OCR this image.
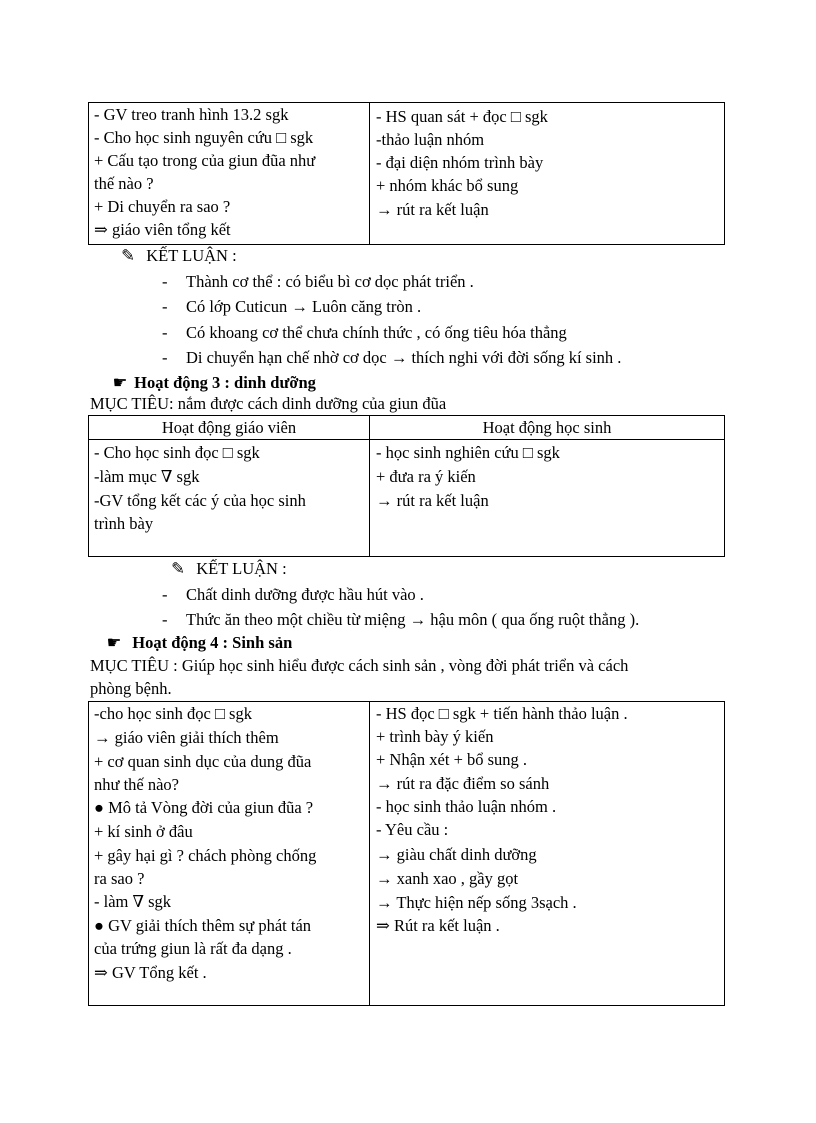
- GV treo tranh hình 13.2 sgk
- Cho học sinh nguyên cứu □ sgk
+ Cấu tạo trong của giun đũa như
thế nào ?
+ Di chuyển ra sao ?
⇒ giáo viên tổng kết
- HS quan sát + đọc □ sgk
-thảo luận nhóm
- đại diện nhóm trình bày
+ nhóm khác bổ sung
→ rút ra kết luận
✎ KẾT LUẬN :
- Thành cơ thể : có biểu bì cơ dọc phát triển .
- Có lớp Cuticun → Luôn căng tròn .
- Có khoang cơ thể chưa chính thức , có ống tiêu hóa thẳng
- Di chuyển hạn chế nhờ cơ dọc → thích nghi với đời sống kí sinh .
☛ Hoạt động 3 : dinh dưỡng
MỤC TIÊU: nắm được cách dinh dưỡng của giun đũa
Hoạt động giáo viên	Hoạt động học sinh
- Cho học sinh đọc □ sgk
-làm mục ∇ sgk
-GV tổng kết các ý của học sinh
trình bày
- học sinh nghiên cứu □ sgk
+ đưa ra ý kiến
→ rút ra kết luận
✎ KẾT LUẬN :
- Chất dinh dưỡng được hầu hút vào .
- Thức ăn theo một chiều từ miệng → hậu môn ( qua ống ruột thẳng ).
☛ Hoạt động 4 : Sinh sản
MỤC TIÊU : Giúp học sinh hiểu được cách sinh sản , vòng đời phát triển và cách
phòng bệnh.
-cho học sinh đọc □ sgk
→ giáo viên giải thích thêm
+ cơ quan sinh dục của dung đũa
như thế nào?
● Mô tả Vòng đời của giun đũa ?
+ kí sinh ở đâu
+ gây hại gì ? chách phòng chống
ra sao ?
- làm ∇ sgk
● GV giải thích thêm sự phát tán
của trứng giun là rất đa dạng .
⇒ GV Tổng kết .
- HS đọc □ sgk + tiến hành thảo luận .
+ trình bày ý kiến
+ Nhận xét + bổ sung .
→ rút ra đặc điểm so sánh
- học sinh thảo luận nhóm .
- Yêu cầu :
→ giàu chất dinh dưỡng
→ xanh xao , gầy gọt
→ Thực hiện nếp sống 3sạch .
⇒ Rút ra kết luận .
